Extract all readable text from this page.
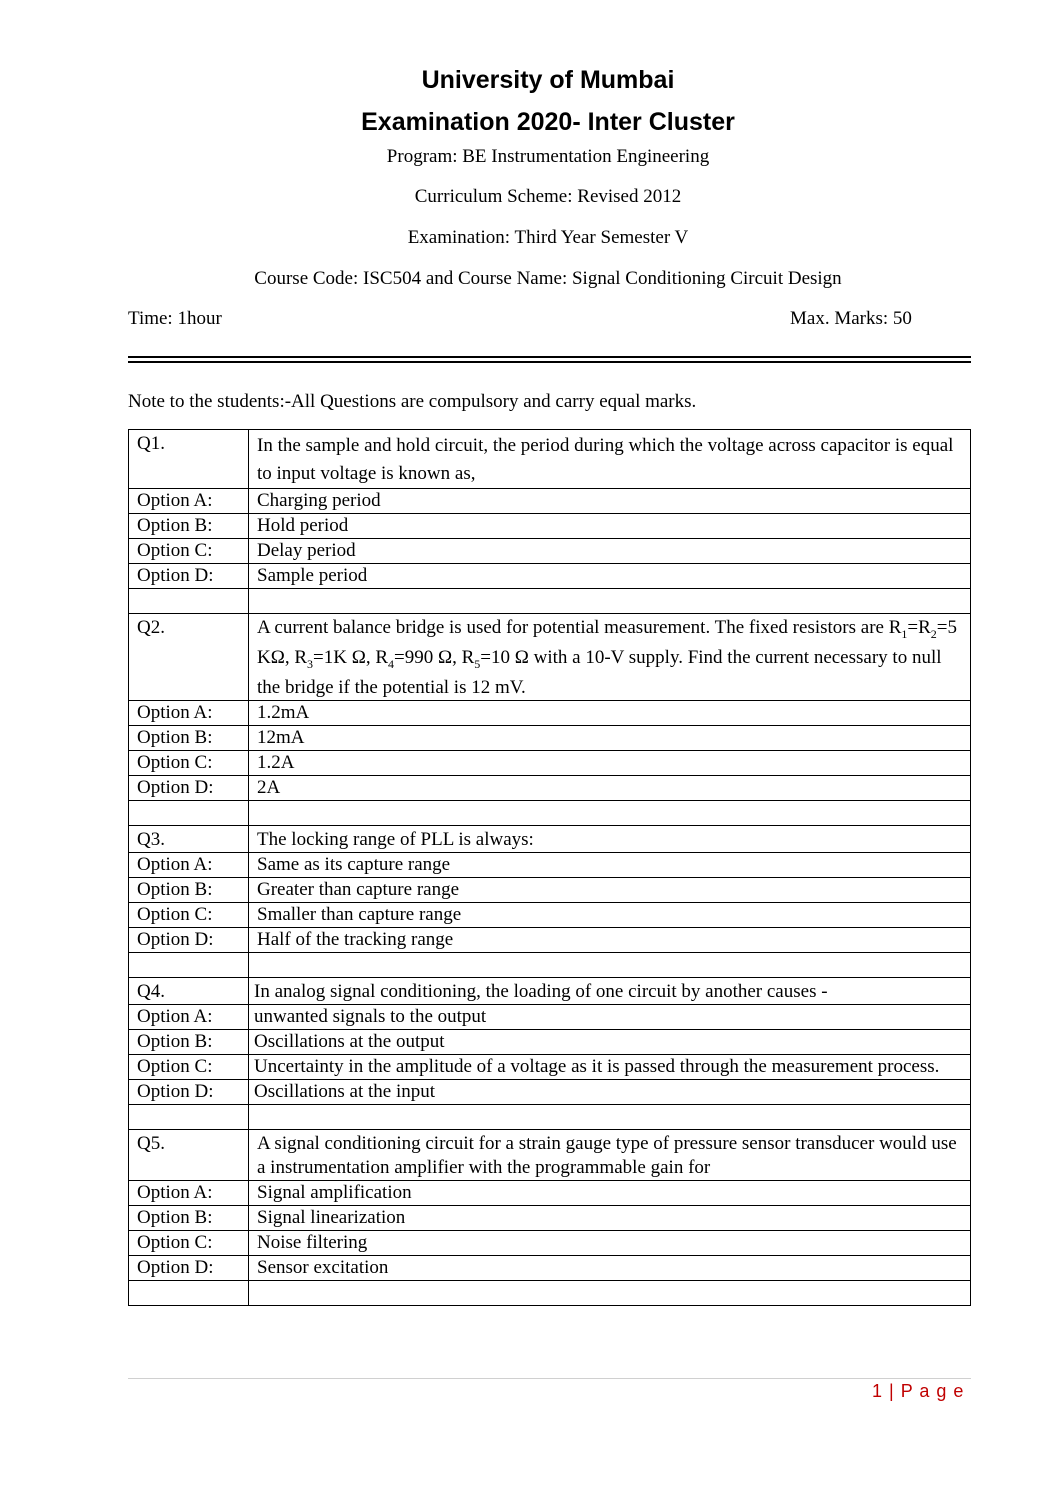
University of Mumbai
Examination 2020- Inter Cluster
Program: BE Instrumentation Engineering
Curriculum Scheme: Revised 2012
Examination: Third Year Semester V
Course Code: ISC504 and Course Name: Signal Conditioning Circuit Design
Time: 1hour	Max. Marks: 50
Note to the students:-All Questions are compulsory and carry equal marks.
Q1.	In the sample and hold circuit, the period during which the voltage across capacitor is equal to input voltage is known as,
Option A:	Charging period
Option B:	Hold period
Option C:	Delay period
Option D:	Sample period

Q2.	A current balance bridge is used for potential measurement. The fixed resistors are $R_1=R_2=5$ KΩ, $R_3=1K$ Ω, $R_4=990$ Ω, $R_5=10$ Ω with a 10-V supply. Find the current necessary to null the bridge if the potential is 12 mV.
Option A:	1.2mA
Option B:	12mA
Option C:	1.2A
Option D:	2A

Q3.	The locking range of PLL is always:
Option A:	Same as its capture range
Option B:	Greater than capture range
Option C:	Smaller than capture range
Option D:	Half of the tracking range

Q4.	In analog signal conditioning, the loading of one circuit by another causes -
Option A:	unwanted signals to the output
Option B:	Oscillations at the output
Option C:	Uncertainty in the amplitude of a voltage as it is passed through the measurement process.
Option D:	Oscillations at the input

Q5.	A signal conditioning circuit for a strain gauge type of pressure sensor transducer would use a instrumentation amplifier with the programmable gain for
Option A:	Signal amplification
Option B:	Signal linearization
Option C:	Noise filtering
Option D:	Sensor excitation

1 | P a g e
